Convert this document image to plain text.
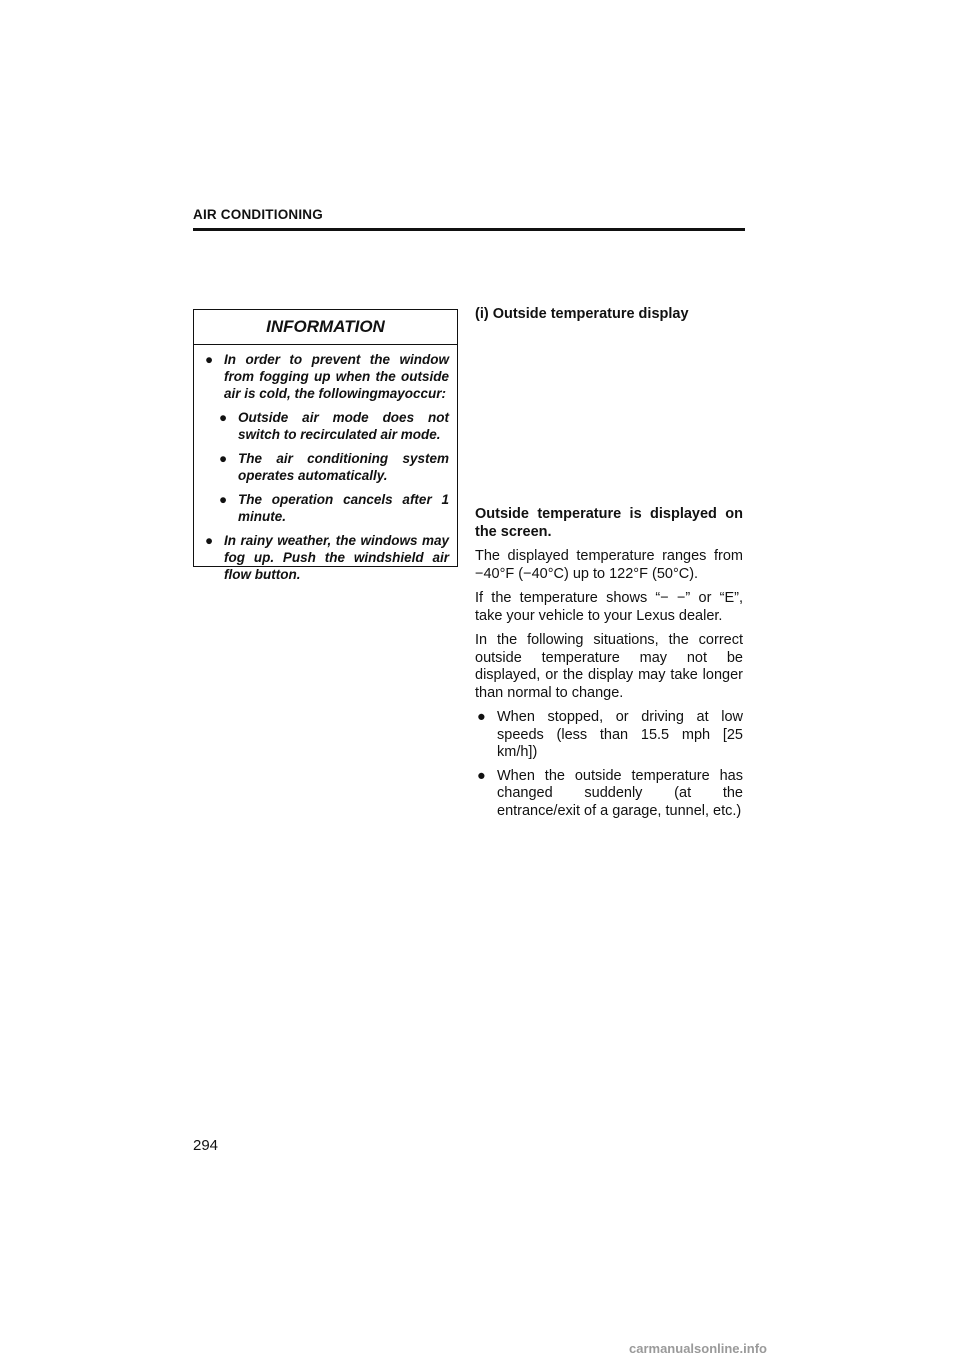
AIR CONDITIONING
INFORMATION
● In order to prevent the window from fogging up when the outside air is cold, the followingmayoccur:
● Outside air mode does not switch to recirculated air mode.
● The air conditioning system operates automatically.
● The operation cancels after 1 minute.
● In rainy weather, the windows may fog up. Push the windshield air flow button.
(i) Outside temperature display

Outside temperature is displayed on the screen.

The displayed temperature ranges from −40°F (−40°C) up to 122°F (50°C).

If the temperature shows “− −” or “E”, take your vehicle to your Lexus dealer.

In the following situations, the correct outside temperature may not be displayed, or the display may take longer than normal to change.

● When stopped, or driving at low speeds (less than 15.5 mph [25 km/h])
● When the outside temperature has changed suddenly (at the entrance/exit of a garage, tunnel, etc.)
294
carmanualsonline.info
